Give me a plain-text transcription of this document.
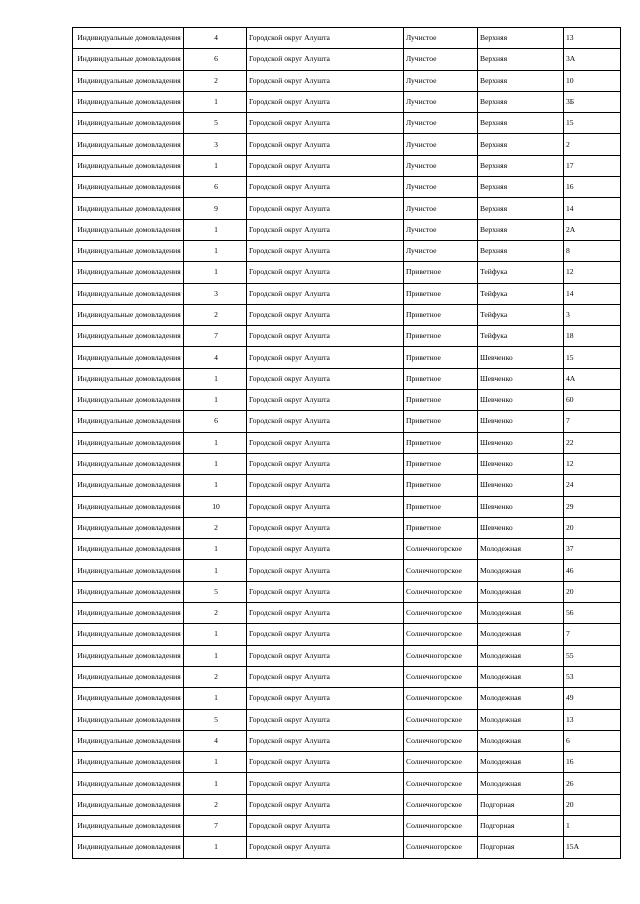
Индивидуальные домовладения	4	Городской округ Алушта	Лучистое	Верхняя	13
Индивидуальные домовладения	6	Городской округ Алушта	Лучистое	Верхняя	3А
Индивидуальные домовладения	2	Городской округ Алушта	Лучистое	Верхняя	10
Индивидуальные домовладения	1	Городской округ Алушта	Лучистое	Верхняя	3Б
Индивидуальные домовладения	5	Городской округ Алушта	Лучистое	Верхняя	15
Индивидуальные домовладения	3	Городской округ Алушта	Лучистое	Верхняя	2
Индивидуальные домовладения	1	Городской округ Алушта	Лучистое	Верхняя	17
Индивидуальные домовладения	6	Городской округ Алушта	Лучистое	Верхняя	16
Индивидуальные домовладения	9	Городской округ Алушта	Лучистое	Верхняя	14
Индивидуальные домовладения	1	Городской округ Алушта	Лучистое	Верхняя	2А
Индивидуальные домовладения	1	Городской округ Алушта	Лучистое	Верхняя	8
Индивидуальные домовладения	1	Городской округ Алушта	Приветное	Тейфука	12
Индивидуальные домовладения	3	Городской округ Алушта	Приветное	Тейфука	14
Индивидуальные домовладения	2	Городской округ Алушта	Приветное	Тейфука	3
Индивидуальные домовладения	7	Городской округ Алушта	Приветное	Тейфука	18
Индивидуальные домовладения	4	Городской округ Алушта	Приветное	Шевченко	15
Индивидуальные домовладения	1	Городской округ Алушта	Приветное	Шевченко	4А
Индивидуальные домовладения	1	Городской округ Алушта	Приветное	Шевченко	60
Индивидуальные домовладения	6	Городской округ Алушта	Приветное	Шевченко	7
Индивидуальные домовладения	1	Городской округ Алушта	Приветное	Шевченко	22
Индивидуальные домовладения	1	Городской округ Алушта	Приветное	Шевченко	12
Индивидуальные домовладения	1	Городской округ Алушта	Приветное	Шевченко	24
Индивидуальные домовладения	10	Городской округ Алушта	Приветное	Шевченко	29
Индивидуальные домовладения	2	Городской округ Алушта	Приветное	Шевченко	20
Индивидуальные домовладения	1	Городской округ Алушта	Солнечногорское	Молодежная	37
Индивидуальные домовладения	1	Городской округ Алушта	Солнечногорское	Молодежная	46
Индивидуальные домовладения	5	Городской округ Алушта	Солнечногорское	Молодежная	20
Индивидуальные домовладения	2	Городской округ Алушта	Солнечногорское	Молодежная	56
Индивидуальные домовладения	1	Городской округ Алушта	Солнечногорское	Молодежная	7
Индивидуальные домовладения	1	Городской округ Алушта	Солнечногорское	Молодежная	55
Индивидуальные домовладения	2	Городской округ Алушта	Солнечногорское	Молодежная	53
Индивидуальные домовладения	1	Городской округ Алушта	Солнечногорское	Молодежная	49
Индивидуальные домовладения	5	Городской округ Алушта	Солнечногорское	Молодежная	13
Индивидуальные домовладения	4	Городской округ Алушта	Солнечногорское	Молодежная	6
Индивидуальные домовладения	1	Городской округ Алушта	Солнечногорское	Молодежная	16
Индивидуальные домовладения	1	Городской округ Алушта	Солнечногорское	Молодежная	26
Индивидуальные домовладения	2	Городской округ Алушта	Солнечногорское	Подгорная	20
Индивидуальные домовладения	7	Городской округ Алушта	Солнечногорское	Подгорная	1
Индивидуальные домовладения	1	Городской округ Алушта	Солнечногорское	Подгорная	15А
